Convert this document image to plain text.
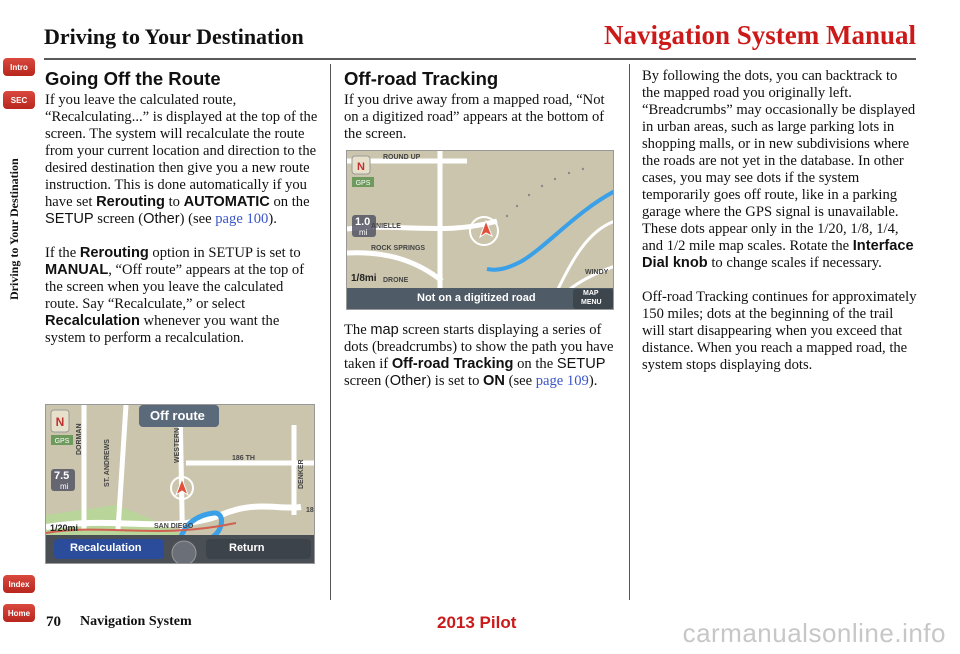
Driving to Your Destination	Navigation System Manual
Intro
SEC
Index
Home
Driving to Your Destination
Going Off the Route

If you leave the calculated route, “Recalculating...” is displayed at the top of the screen. The system will recalculate the route from your current location and direction to the desired destination then give you a new route instruction. This is done automatically if you have set Rerouting to AUTOMATIC on the SETUP screen (Other) (see page 100).

If the Rerouting option in SETUP is set to MANUAL, “Off route” appears at the top of the screen when you leave the calculated route. Say “Recalculate,” or select Recalculation whenever you want the system to perform a recalculation.

N
GPS
Off route
7.5
mi
1/20mi
DORMAN	ST. ANDREWS	WESTERN	186 TH
DENKER
SAN DIEGO
18
Recalculation	Return
Off-road Tracking

If you drive away from a mapped road, “Not on a digitized road” appears at the bottom of the screen.

N
GPS
1.0
mi
1/8mi
ROUND UP
ANIELLE
ROCK SPRINGS
DRONE
WINDY
Not on a digitized road	MAP
MENU

The map screen starts displaying a series of dots (breadcrumbs) to show the path you have taken if Off-road Tracking on the SETUP screen (Other) is set to ON (see page 109).

By following the dots, you can backtrack to the mapped road you originally left. “Breadcrumbs” may occasionally be displayed in urban areas, such as large parking lots in shopping malls, or in new subdivisions where the roads are not yet in the database. In other cases, you may see dots if the system temporarily goes off route, like in a parking garage where the GPS signal is unavailable. These dots appear only in the 1/20, 1/8, 1/4, and 1/2 mile map scales. Rotate the Interface Dial knob to change scales if necessary.

Off-road Tracking continues for approximately 150 miles; dots at the beginning of the trail will start disappearing when you exceed that distance. When you reach a mapped road, the system stops displaying dots.

70 Navigation System	2013 Pilot	carmanualsonline.info
